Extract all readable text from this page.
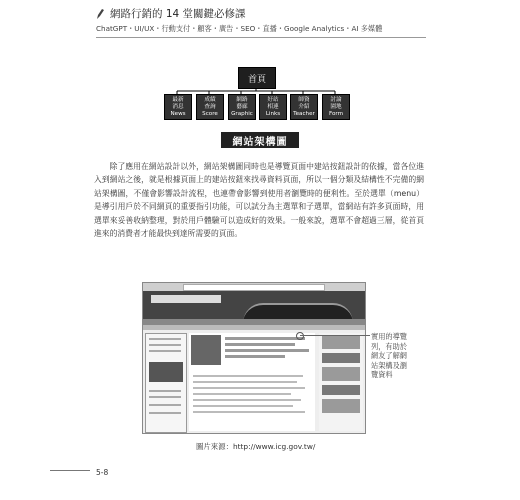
網路行銷的 14 堂關鍵必修課
ChatGPT・UI/UX・行動支付・顧客・廣告・SEO・直播・Google Analytics・AI 多媒體
首頁
最新
消息
News
成績
查詢
Score
網路
藝廊
Graphic
好站
相連
Links
師資
介紹
Teacher
討論
園地
Form
網站架構圖
除了應用在網站設計以外，網站架構圖同時也是導覽頁面中建站按鈕設計的依據，當各位進入到網站之後，就是根據頁面上的建站按鈕來找尋資料頁面，所以一個分類及結構性不完備的網站架構圖，不僅會影響設計流程，也連帶會影響到使用者瀏覽時的便利性。至於選單（menu）是導引用戶於不同網頁的重要指引功能，可以試分為主選單和子選單，當網站有許多頁面時，用選單來妥善收納整理，對於用戶體驗可以造成好的效果。一般來說，選單不會超過三層，從首頁進來的消費者才能最快到達所需要的頁面。
實用的導覽列，有助於網友了解網站架構及瀏覽資料
圖片來源：http://www.icg.gov.tw/
5-8
